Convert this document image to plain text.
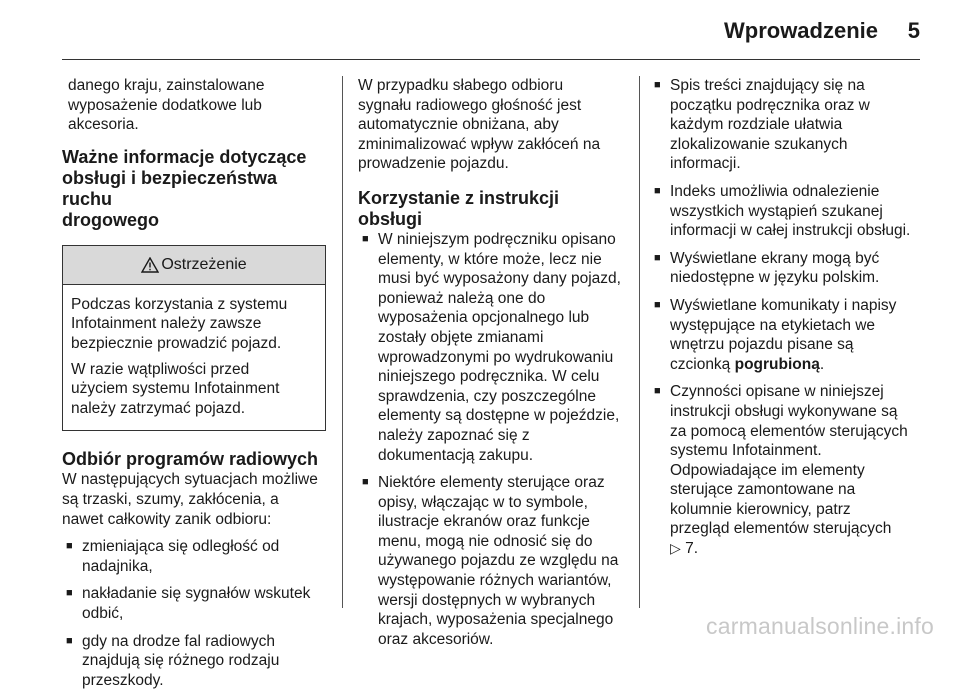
Wprowadzenie 5
danego kraju, zainstalowane
wyposażenie dodatkowe lub
akcesoria.
Ważne informacje dotyczące
obsługi i bezpieczeństwa ruchu
drogowego
Ostrzeżenie

Podczas korzystania z systemu
Infotainment należy zawsze
bezpiecznie prowadzić pojazd.

W razie wątpliwości przed
użyciem systemu Infotainment
należy zatrzymać pojazd.

Odbiór programów radiowych

W następujących sytuacjach możliwe
są trzaski, szumy, zakłócenia, a
nawet całkowity zanik odbioru:

■ zmieniająca się odległość od
nadajnika,
■ nakładanie się sygnałów wskutek
odbić,
■ gdy na drodze fal radiowych
znajdują się różnego rodzaju
przeszkody.

W przypadku słabego odbioru
sygnału radiowego głośność jest
automatycznie obniżana, aby
zminimalizować wpływ zakłóceń na
prowadzenie pojazdu.

Korzystanie z instrukcji obsługi
■ W niniejszym podręczniku opisano
elementy, w które może, lecz nie
musi być wyposażony dany pojazd,
ponieważ należą one do
wyposażenia opcjonalnego lub
zostały objęte zmianami
wprowadzonymi po wydrukowaniu
niniejszego podręcznika. W celu
sprawdzenia, czy poszczególne
elementy są dostępne w pojeździe,
należy zapoznać się z
dokumentacją zakupu.
■ Niektóre elementy sterujące oraz
opisy, włączając w to symbole,
ilustracje ekranów oraz funkcje
menu, mogą nie odnosić się do
używanego pojazdu ze względu na
występowanie różnych wariantów,
wersji dostępnych w wybranych
krajach, wyposażenia specjalnego
oraz akcesoriów.
■ Spis treści znajdujący się na
początku podręcznika oraz w
każdym rozdziale ułatwia
zlokalizowanie szukanych
informacji.
■ Indeks umożliwia odnalezienie
wszystkich wystąpień szukanej
informacji w całej instrukcji obsługi.
■ Wyświetlane ekrany mogą być
niedostępne w języku polskim.
■ Wyświetlane komunikaty i napisy
występujące na etykietach we
wnętrzu pojazdu pisane są
czcionką pogrubioną.
■ Czynności opisane w niniejszej
instrukcji obsługi wykonywane są
za pomocą elementów sterujących
systemu Infotainment.
Odpowiadające im elementy
sterujące zamontowane na
kolumnie kierownicy, patrz
przegląd elementów sterujących
▷ 7.
carmanualsonline.info
